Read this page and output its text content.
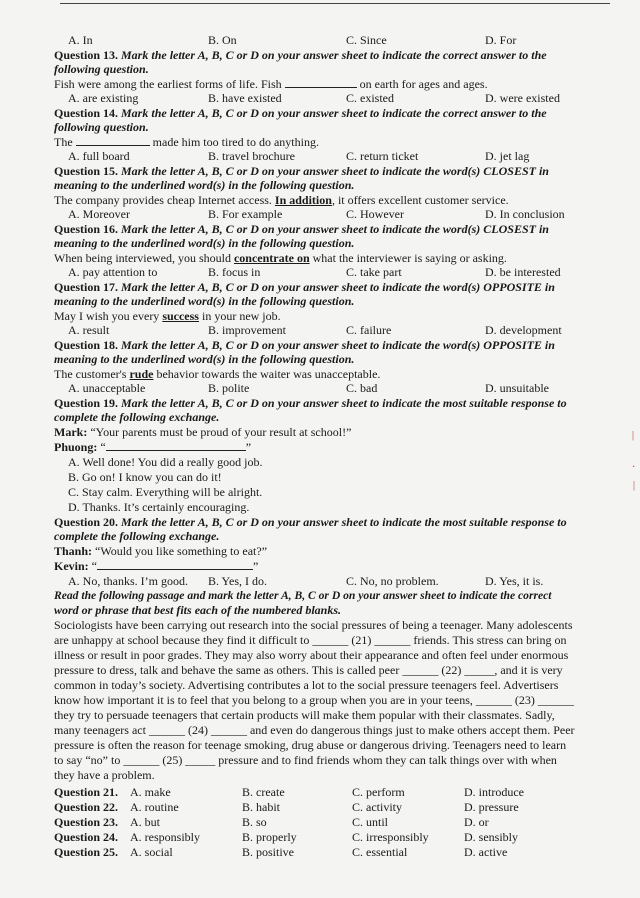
A. In	B. On	C. Since	D. For
Question 13. Mark the letter A, B, C or D on your answer sheet to indicate the correct answer to the
following question.
Fish were among the earliest forms of life. Fish	on earth for ages and ages.
A. are existing	B. have existed	C. existed	D. were existed
Question 14. Mark the letter A, B, C or D on your answer sheet to indicate the correct answer to the
following question.
The	made him too tired to do anything.
A. full board	B. travel brochure	C. return ticket	D. jet lag
Question 15. Mark the letter A, B, C or D on your answer sheet to indicate the word(s) CLOSEST in
meaning to the underlined word(s) in the following question.
The company provides cheap Internet access. In addition, it offers excellent customer service.
A. Moreover	B. For example	C. However	D. In conclusion
Question 16. Mark the letter A, B, C or D on your answer sheet to indicate the word(s) CLOSEST in
meaning to the underlined word(s) in the following question.
When being interviewed, you should concentrate on what the interviewer is saying or asking.
A. pay attention to	B. focus in	C. take part	D. be interested
Question 17. Mark the letter A, B, C or D on your answer sheet to indicate the word(s) OPPOSITE in
meaning to the underlined word(s) in the following question.
May I wish you every success in your new job.
A. result	B. improvement	C. failure	D. development
Question 18. Mark the letter A, B, C or D on your answer sheet to indicate the word(s) OPPOSITE in
meaning to the underlined word(s) in the following question.
The customer's rude behavior towards the waiter was unacceptable.
A. unacceptable	B. polite	C. bad	D. unsuitable
Question 19. Mark the letter A, B, C or D on your answer sheet to indicate the most suitable response to
complete the following exchange.
Mark: “Your parents must be proud of your result at school!”
Phuong: “	”
A. Well done! You did a really good job.
B. Go on! I know you can do it!
C. Stay calm. Everything will be alright.
D. Thanks. It’s certainly encouraging.
Question 20. Mark the letter A, B, C or D on your answer sheet to indicate the most suitable response to
complete the following exchange.
Thanh: “Would you like something to eat?”
Kevin: “	”
A. No, thanks. I’m good. B. Yes, I do.	C. No, no problem.	D. Yes, it is.
Read the following passage and mark the letter A, B, C or D on your answer sheet to indicate the correct
word or phrase that best fits each of the numbered blanks.
Sociologists have been carrying out research into the social pressures of being a teenager. Many adolescents
are unhappy at school because they find it difficult to ______ (21) ______ friends. This stress can bring on
illness or result in poor grades. They may also worry about their appearance and often feel under enormous
pressure to dress, talk and behave the same as others. This is called peer ______ (22) _____, and it is very
common in today’s society. Advertising contributes a lot to the social pressure teenagers feel. Advertisers
know how important it is to feel that you belong to a group when you are in your teens, ______ (23) ______
they try to persuade teenagers that certain products will make them popular with their classmates. Sadly,
many teenagers act ______ (24) ______ and even do dangerous things just to make others accept them. Peer
pressure is often the reason for teenage smoking, drug abuse or dangerous driving. Teenagers need to learn
to say “no” to ______ (25) _____ pressure and to find friends whom they can talk things over with when
they have a problem.
Question 21. A. make	B. create	C. perform	D. introduce
Question 22. A. routine	B. habit	C. activity	D. pressure
Question 23. A. but	B. so	C. until	D. or
Question 24. A. responsibly	B. properly	C. irresponsibly	D. sensibly
Question 25. A. social	B. positive	C. essential	D. active
|
·
|
